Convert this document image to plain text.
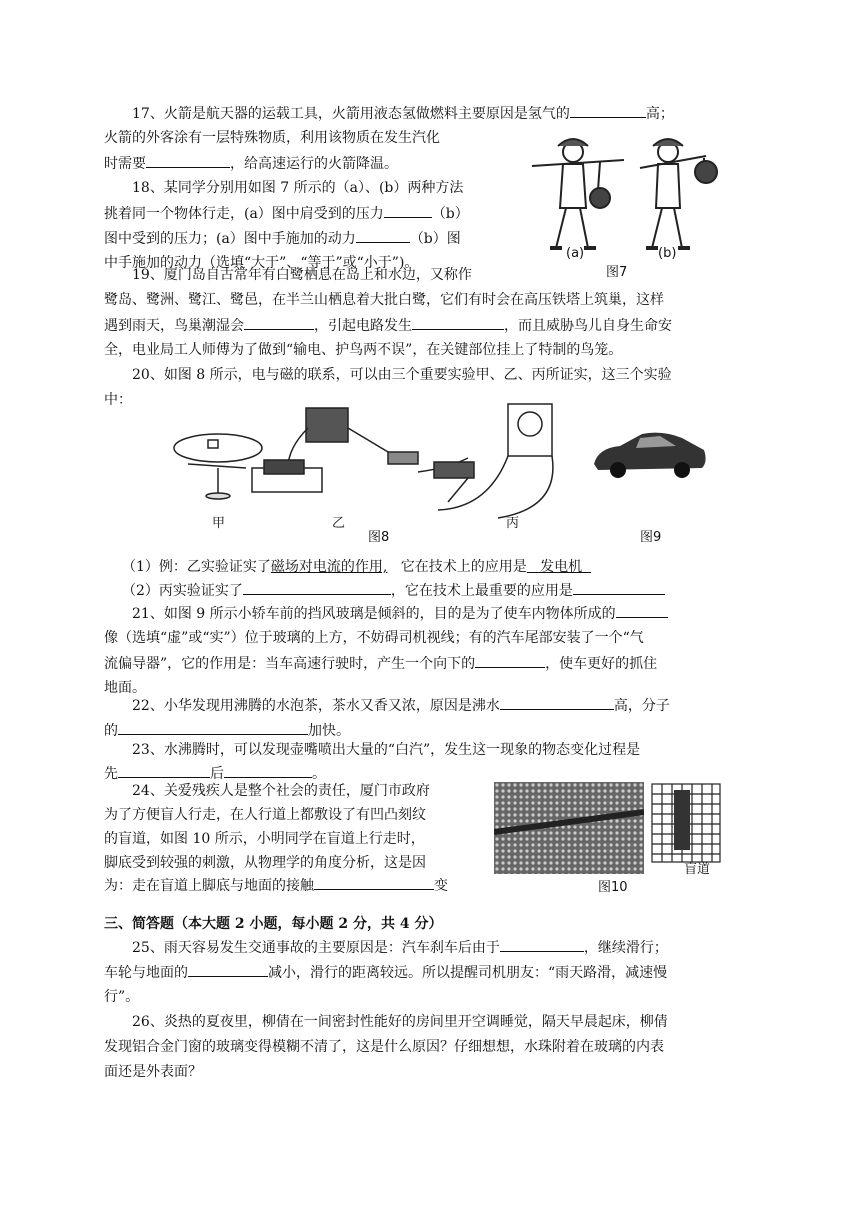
17、火箭是航天器的运载工具，火箭用液态氢做燃料主要原因是氢气的	高；
火箭的外客涂有一层特殊物质，利用该物质在发生汽化
时需要	，给高速运行的火箭降温。
18、某同学分别用如图 7 所示的（a）、(b）两种方法
挑着同一个物体行走，(a）图中肩受到的压力	（b）
图中受到的压力；(a）图中手施加的动力	（b）图
中手施加的动力（选填“大于”、“等于”或“小于”)。
(a)	(b)
图7
19、厦门岛自古常年有白鹭栖息在岛上和水边，又称作
鹭岛、鹭洲、鹭江、鹭邑，在半兰山栖息着大批白鹭，它们有时会在高压铁塔上筑巢，这样
遇到雨天，鸟巢潮湿会	，引起电路发生	，而且威胁鸟儿自身生命安
全，电业局工人师傅为了做到“输电、护鸟两不误”，在关键部位挂上了特制的鸟笼。
20、如图 8 所示，电与磁的联系，可以由三个重要实验甲、乙、丙所证实，这三个实验
中：
甲	乙
图8
丙
图9
（1）例：乙实验证实了磁场对电流的作用, 它在技术上的应用是 发电机
（2）丙实验证实了	，它在技术上最重要的应用是
21、如图 9 所示小轿车前的挡风玻璃是倾斜的，目的是为了使车内物体所成的
像（选填“虚”或“实”）位于玻璃的上方，不妨碍司机视线；有的汽车尾部安装了一个“气
流偏导器”，它的作用是：当车高速行驶时，产生一个向下的	，使车更好的抓住
地面。
22、小华发现用沸腾的水泡茶，茶水又香又浓，原因是沸水	高，分子
的	加快。
23、水沸腾时，可以发现壶嘴喷出大量的“白汽”，发生这一现象的物态变化过程是
先	后	。
24、关爱残疾人是整个社会的责任，厦门市政府
为了方便盲人行走，在人行道上都敷设了有凹凸刻纹
的盲道，如图 10 所示，小明同学在盲道上行走时，
脚底受到较强的刺激，从物理学的角度分析，这是因
为：走在盲道上脚底与地面的接触	变
盲道
图10
三、简答题（本大题 2 小题，每小题 2 分，共 4 分）
25、雨天容易发生交通事故的主要原因是：汽车刹车后由于	，继续滑行；
车轮与地面的	减小，滑行的距离较远。所以提醒司机朋友：“雨天路滑，减速慢
行”。
26、炎热的夏夜里，柳倩在一间密封性能好的房间里开空调睡觉，隔天早晨起床，柳倩
发现铝合金门窗的玻璃变得模糊不清了，这是什么原因？仔细想想，水珠附着在玻璃的内表
面还是外表面？
